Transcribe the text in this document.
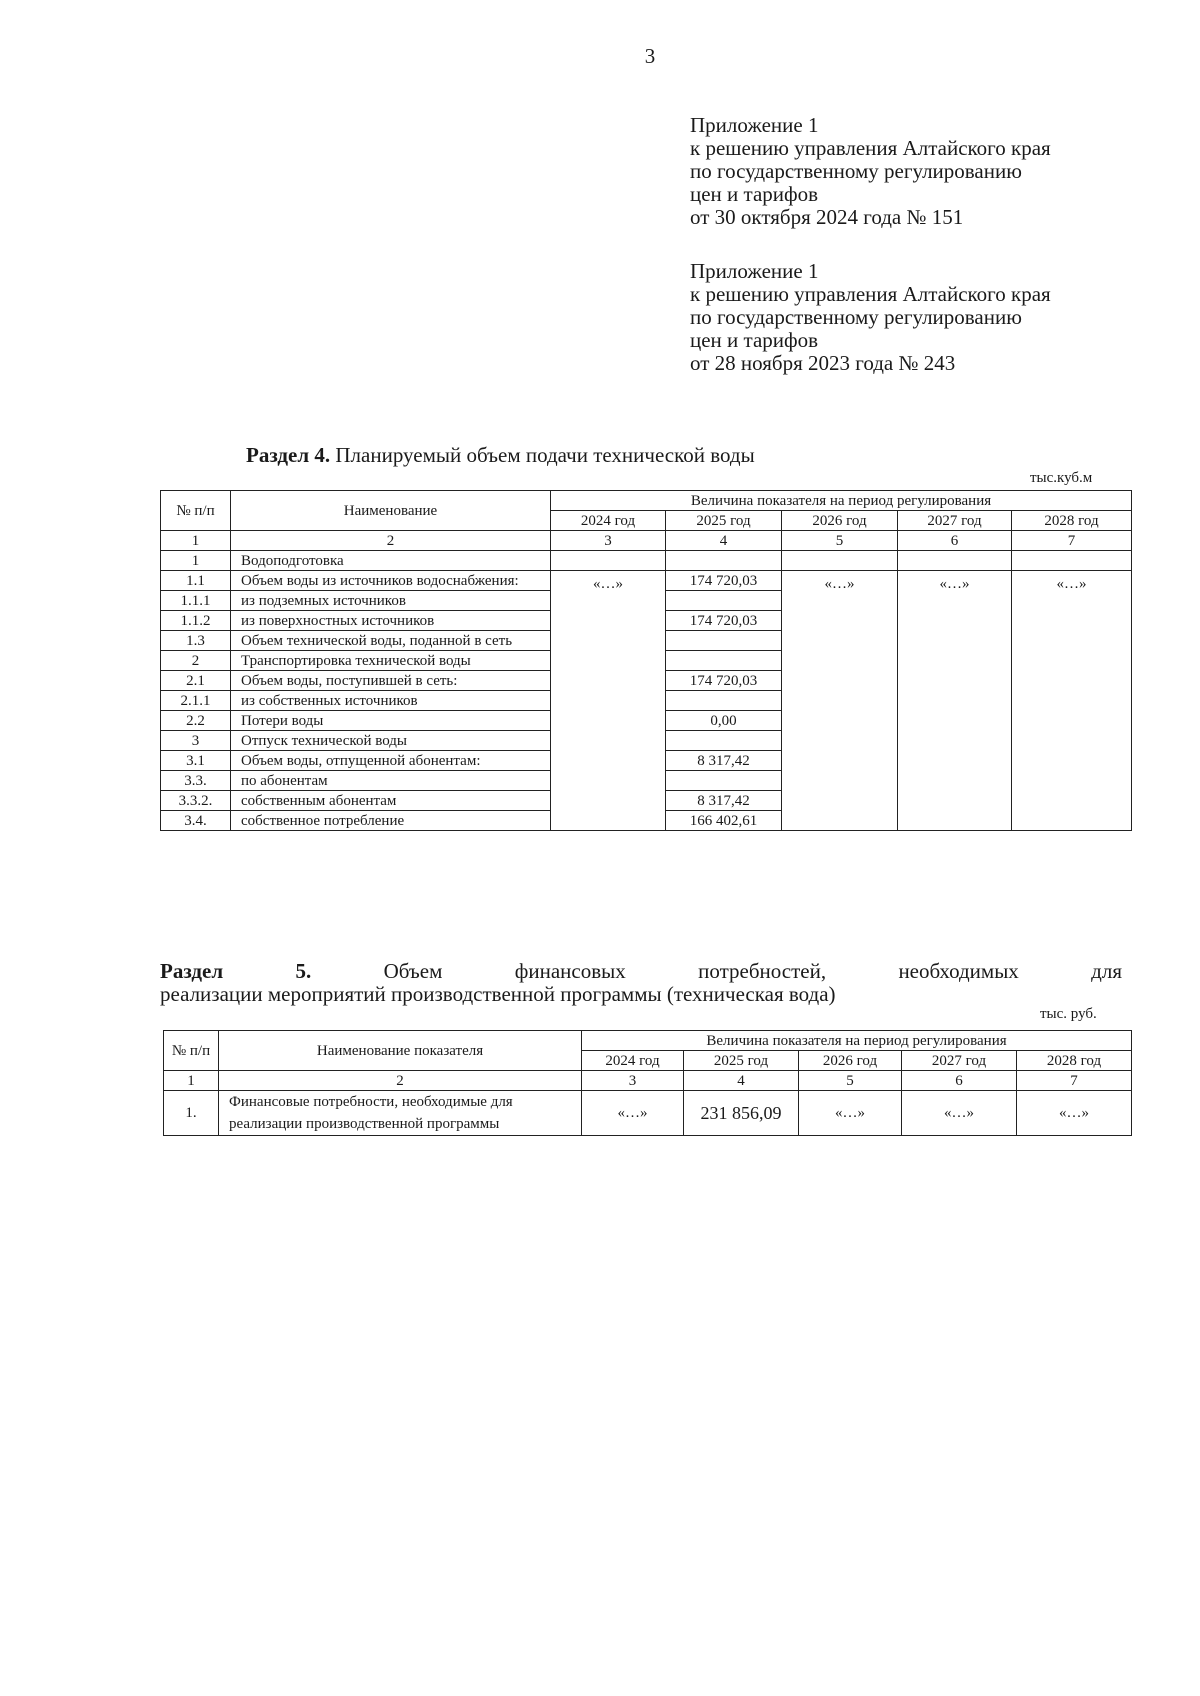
3
Приложение 1
к решению управления Алтайского края
по государственному регулированию
цен и тарифов
от 30 октября 2024 года № 151
Приложение 1
к решению управления Алтайского края
по государственному регулированию
цен и тарифов
от 28 ноября 2023 года № 243
Раздел 4. Планируемый объем подачи технической воды
тыс.куб.м
№ п/п	Наименование	Величина показателя на период регулирования				
		2024 год	2025 год	2026 год	2027 год	2028 год
1	2	3	4	5	6	7
1	Водоподготовка					
1.1	Объем воды из источников водоснабжения:	«…»	174 720,03	«…»	«…»	«…»
1.1.1	из подземных источников					
1.1.2	из поверхностных источников		174 720,03			
1.3	Объем технической воды, поданной в сеть					
2	Транспортировка технической воды					
2.1	Объем воды, поступившей в сеть:		174 720,03			
2.1.1	из собственных источников					
2.2	Потери воды		0,00			
3	Отпуск технической воды					
3.1	Объем воды, отпущенной абонентам:		8 317,42			
3.3.	по абонентам					
3.3.2.	собственным абонентам		8 317,42			
3.4.	собственное потребление		166 402,61			
Раздел	5.	Объем	финансовых	потребностей,	необходимых	для
реализации мероприятий производственной программы (техническая вода)
тыс. руб.
№ п/п	Наименование показателя	Величина показателя на период регулирования				
		2024 год	2025 год	2026 год	2027 год	2028 год
1	2	3	4	5	6	7
1.	Финансовые потребности, необходимые для реализации производственной программы	«…»	231 856,09	«…»	«…»	«…»
